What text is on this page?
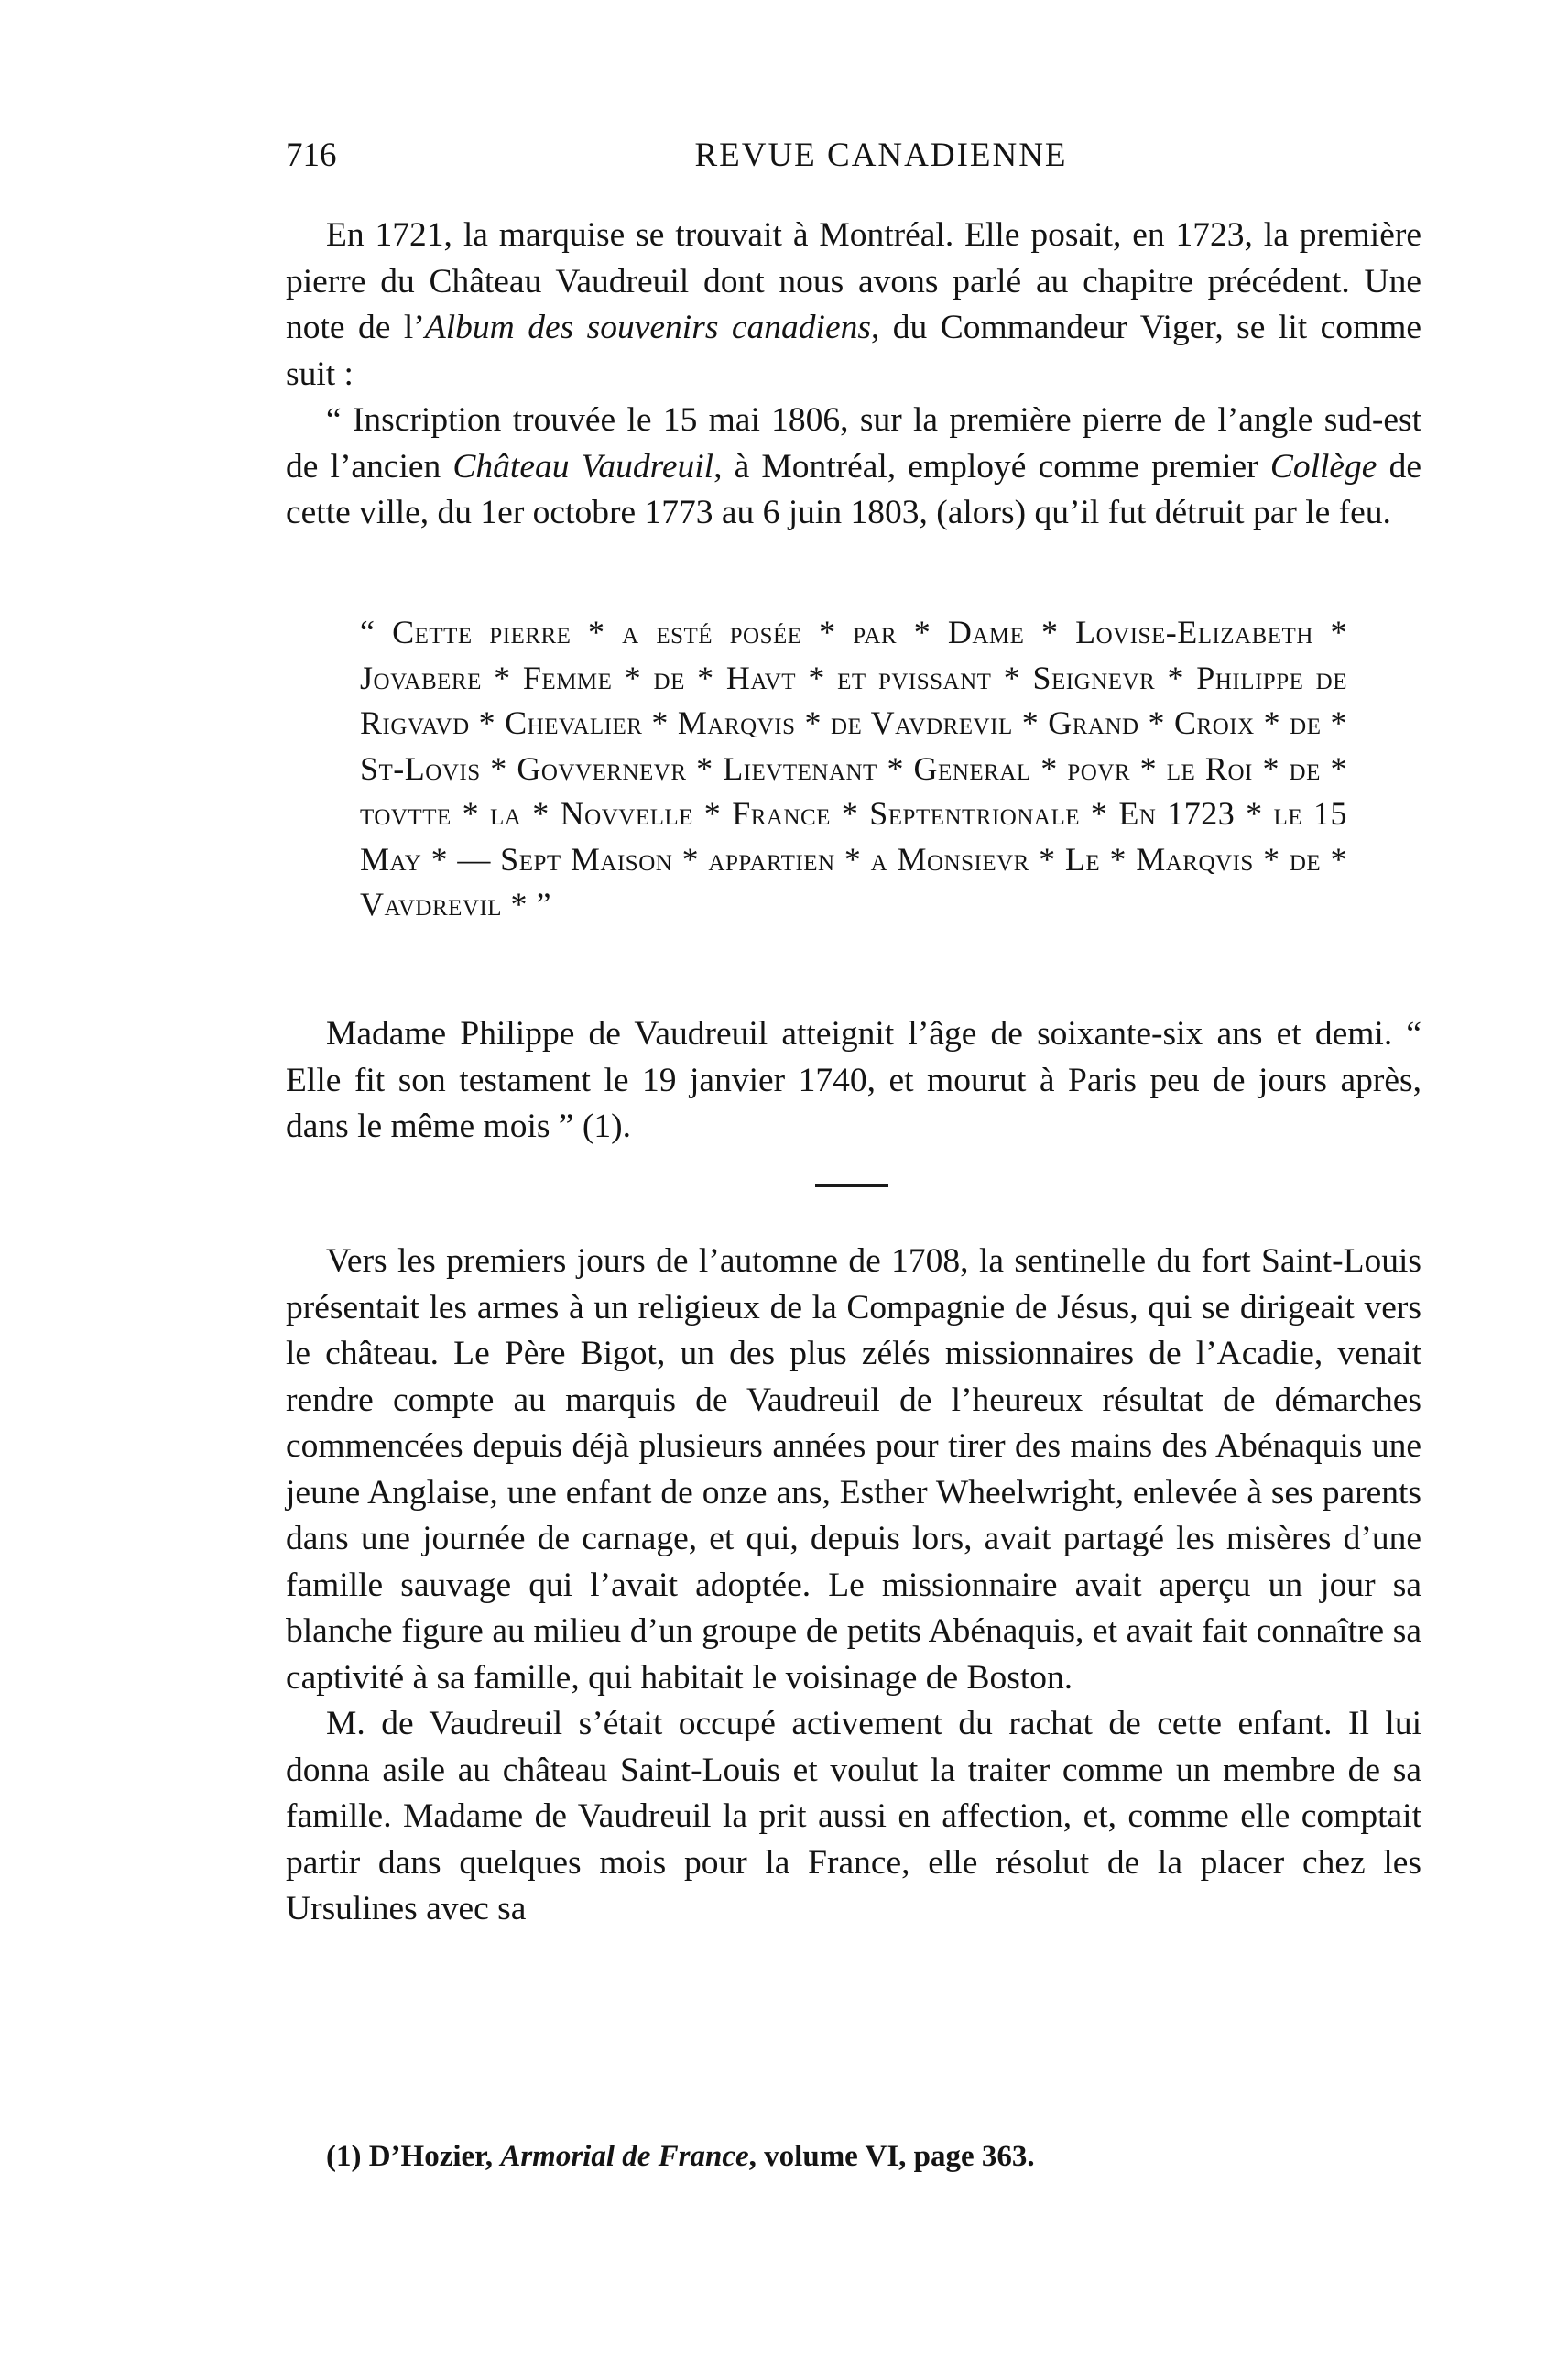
716	REVUE CANADIENNE

En 1721, la marquise se trouvait à Montréal. Elle posait, en 1723, la première pierre du Château Vaudreuil dont nous avons parlé au chapitre précédent. Une note de l’Album des souvenirs canadiens, du Commandeur Viger, se lit comme suit :

“ Inscription trouvée le 15 mai 1806, sur la première pierre de l’angle sud-est de l’ancien Château Vaudreuil, à Montréal, employé comme premier Collège de cette ville, du 1er octobre 1773 au 6 juin 1803, (alors) qu’il fut détruit par le feu.

“ Cette pierre * a esté posée * par * Dame * Lovise-Elizabeth * Jovabere * Femme * de * Havt * et pvissant * Seignevr * Philippe de Rigvavd * Chevalier * Marqvis * de Vavdrevil * Grand * Croix * de * St-Lovis * Govvernevr * Lievtenant * General * povr * le Roi * de * tovtte * la * Novvelle * France * Septentrionale * En 1723 * le 15 May * — Sept Maison * appartien * a Monsievr * Le * Marqvis * de * Vavdrevil * ”

Madame Philippe de Vaudreuil atteignit l’âge de soixante-six ans et demi. “ Elle fit son testament le 19 janvier 1740, et mourut à Paris peu de jours après, dans le même mois ” (1).

Vers les premiers jours de l’automne de 1708, la sentinelle du fort Saint-Louis présentait les armes à un religieux de la Compagnie de Jésus, qui se dirigeait vers le château. Le Père Bigot, un des plus zélés missionnaires de l’Acadie, venait rendre compte au marquis de Vaudreuil de l’heureux résultat de démarches commencées depuis déjà plusieurs années pour tirer des mains des Abénaquis une jeune Anglaise, une enfant de onze ans, Esther Wheelwright, enlevée à ses parents dans une journée de carnage, et qui, depuis lors, avait partagé les misères d’une famille sauvage qui l’avait adoptée. Le missionnaire avait aperçu un jour sa blanche figure au milieu d’un groupe de petits Abénaquis, et avait fait connaître sa captivité à sa famille, qui habitait le voisinage de Boston.

M. de Vaudreuil s’était occupé activement du rachat de cette enfant. Il lui donna asile au château Saint-Louis et voulut la traiter comme un membre de sa famille. Madame de Vaudreuil la prit aussi en affection, et, comme elle comptait partir dans quelques mois pour la France, elle résolut de la placer chez les Ursulines avec sa

(1) D’Hozier, Armorial de France, volume VI, page 363.
